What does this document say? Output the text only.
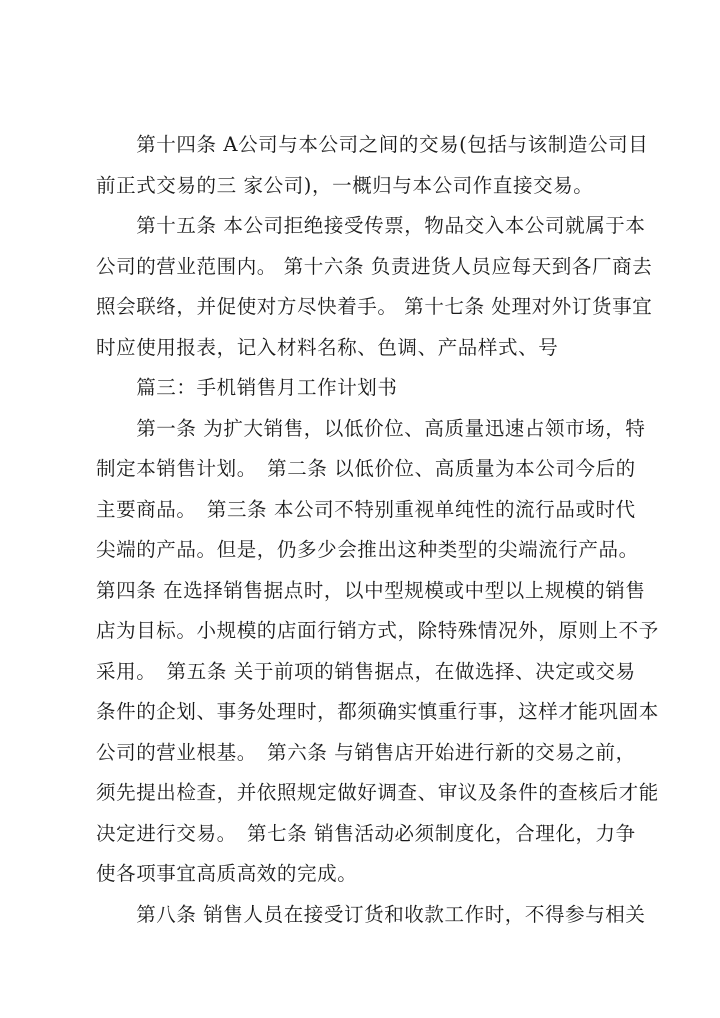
　　第十四条 A公司与本公司之间的交易(包括与该制造公司目
前正式交易的三 家公司)，一概归与本公司作直接交易。
　　第十五条 本公司拒绝接受传票，物品交入本公司就属于本
公司的营业范围内。 第十六条 负责进货人员应每天到各厂商去
照会联络，并促使对方尽快着手。 第十七条 处理对外订货事宜
时应使用报表，记入材料名称、色调、产品样式、号
　　篇三：手机销售月工作计划书
　　第一条 为扩大销售，以低价位、高质量迅速占领市场，特
制定本销售计划。　第二条 以低价位、高质量为本公司今后的
主要商品。　第三条 本公司不特别重视单纯性的流行品或时代
尖端的产品。但是，仍多少会推出这种类型的尖端流行产品。
第四条 在选择销售据点时，以中型规模或中型以上规模的销售
店为目标。小规模的店面行销方式，除特殊情况外，原则上不予
采用。　第五条 关于前项的销售据点，在做选择、决定或交易
条件的企划、事务处理时，都须确实慎重行事，这样才能巩固本
公司的营业根基。　第六条 与销售店开始进行新的交易之前，
须先提出检查，并依照规定做好调查、审议及条件的查核后才能
决定进行交易。　第七条 销售活动必须制度化，合理化，力争
使各项事宜高质高效的完成。
　　第八条 销售人员在接受订货和收款工作时，不得参与相关
